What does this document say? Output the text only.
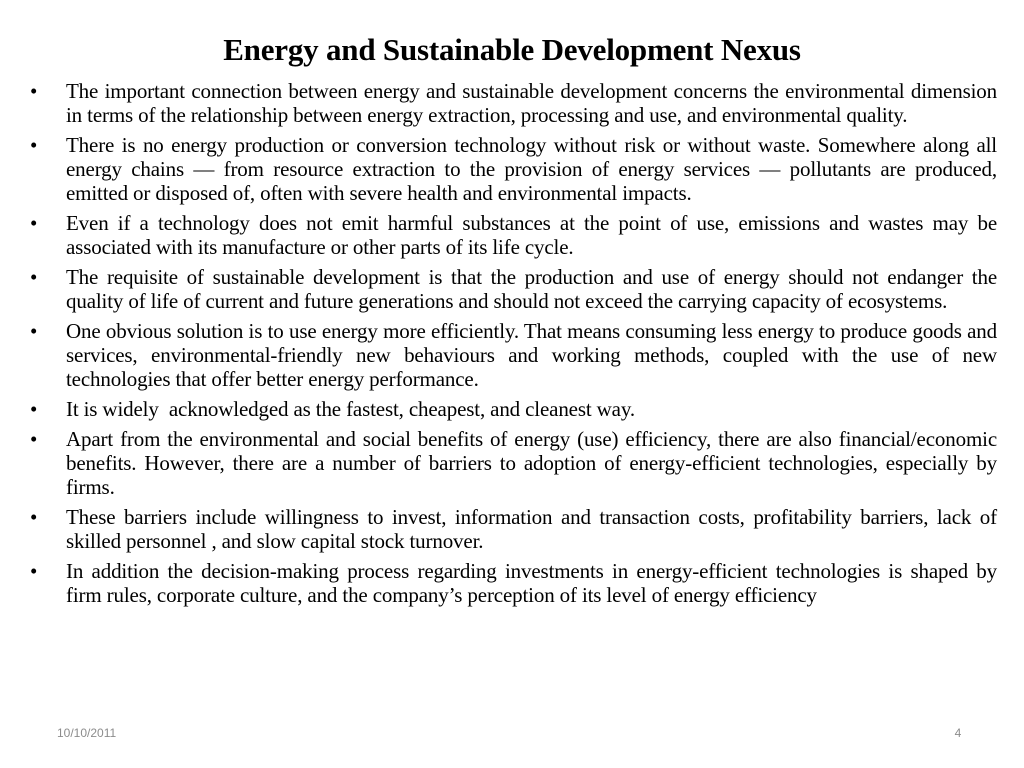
Energy and Sustainable Development Nexus
•	The important connection between energy and sustainable development concerns the environmental dimension in terms of the relationship between energy extraction, processing and use, and environmental quality.
•	There is no energy production or conversion technology without risk or without waste. Somewhere along all energy chains — from resource extraction to the provision of energy services — pollutants are produced, emitted or disposed of, often with severe health and environmental impacts.
•	Even if a technology does not emit harmful substances at the point of use, emissions and wastes may be associated with its manufacture or other parts of its life cycle.
•	The requisite of sustainable development is that the production and use of energy should not endanger the quality of life of current and future generations and should not exceed the carrying capacity of ecosystems.
•	One obvious solution is to use energy more efficiently. That means consuming less energy to produce goods and services, environmental-friendly new behaviours and working methods, coupled with the use of new technologies that offer better energy performance.
•	It is widely  acknowledged as the fastest, cheapest, and cleanest way.
•	Apart from the environmental and social benefits of energy (use) efficiency, there are also financial/economic benefits. However, there are a number of barriers to adoption of energy-efficient technologies, especially by firms.
•	These barriers include willingness to invest, information and transaction costs, profitability barriers, lack of skilled personnel , and slow capital stock turnover.
•	In addition the decision-making process regarding investments in energy-efficient technologies is shaped by firm rules, corporate culture, and the company’s perception of its level of energy efficiency
10/10/2011	4
